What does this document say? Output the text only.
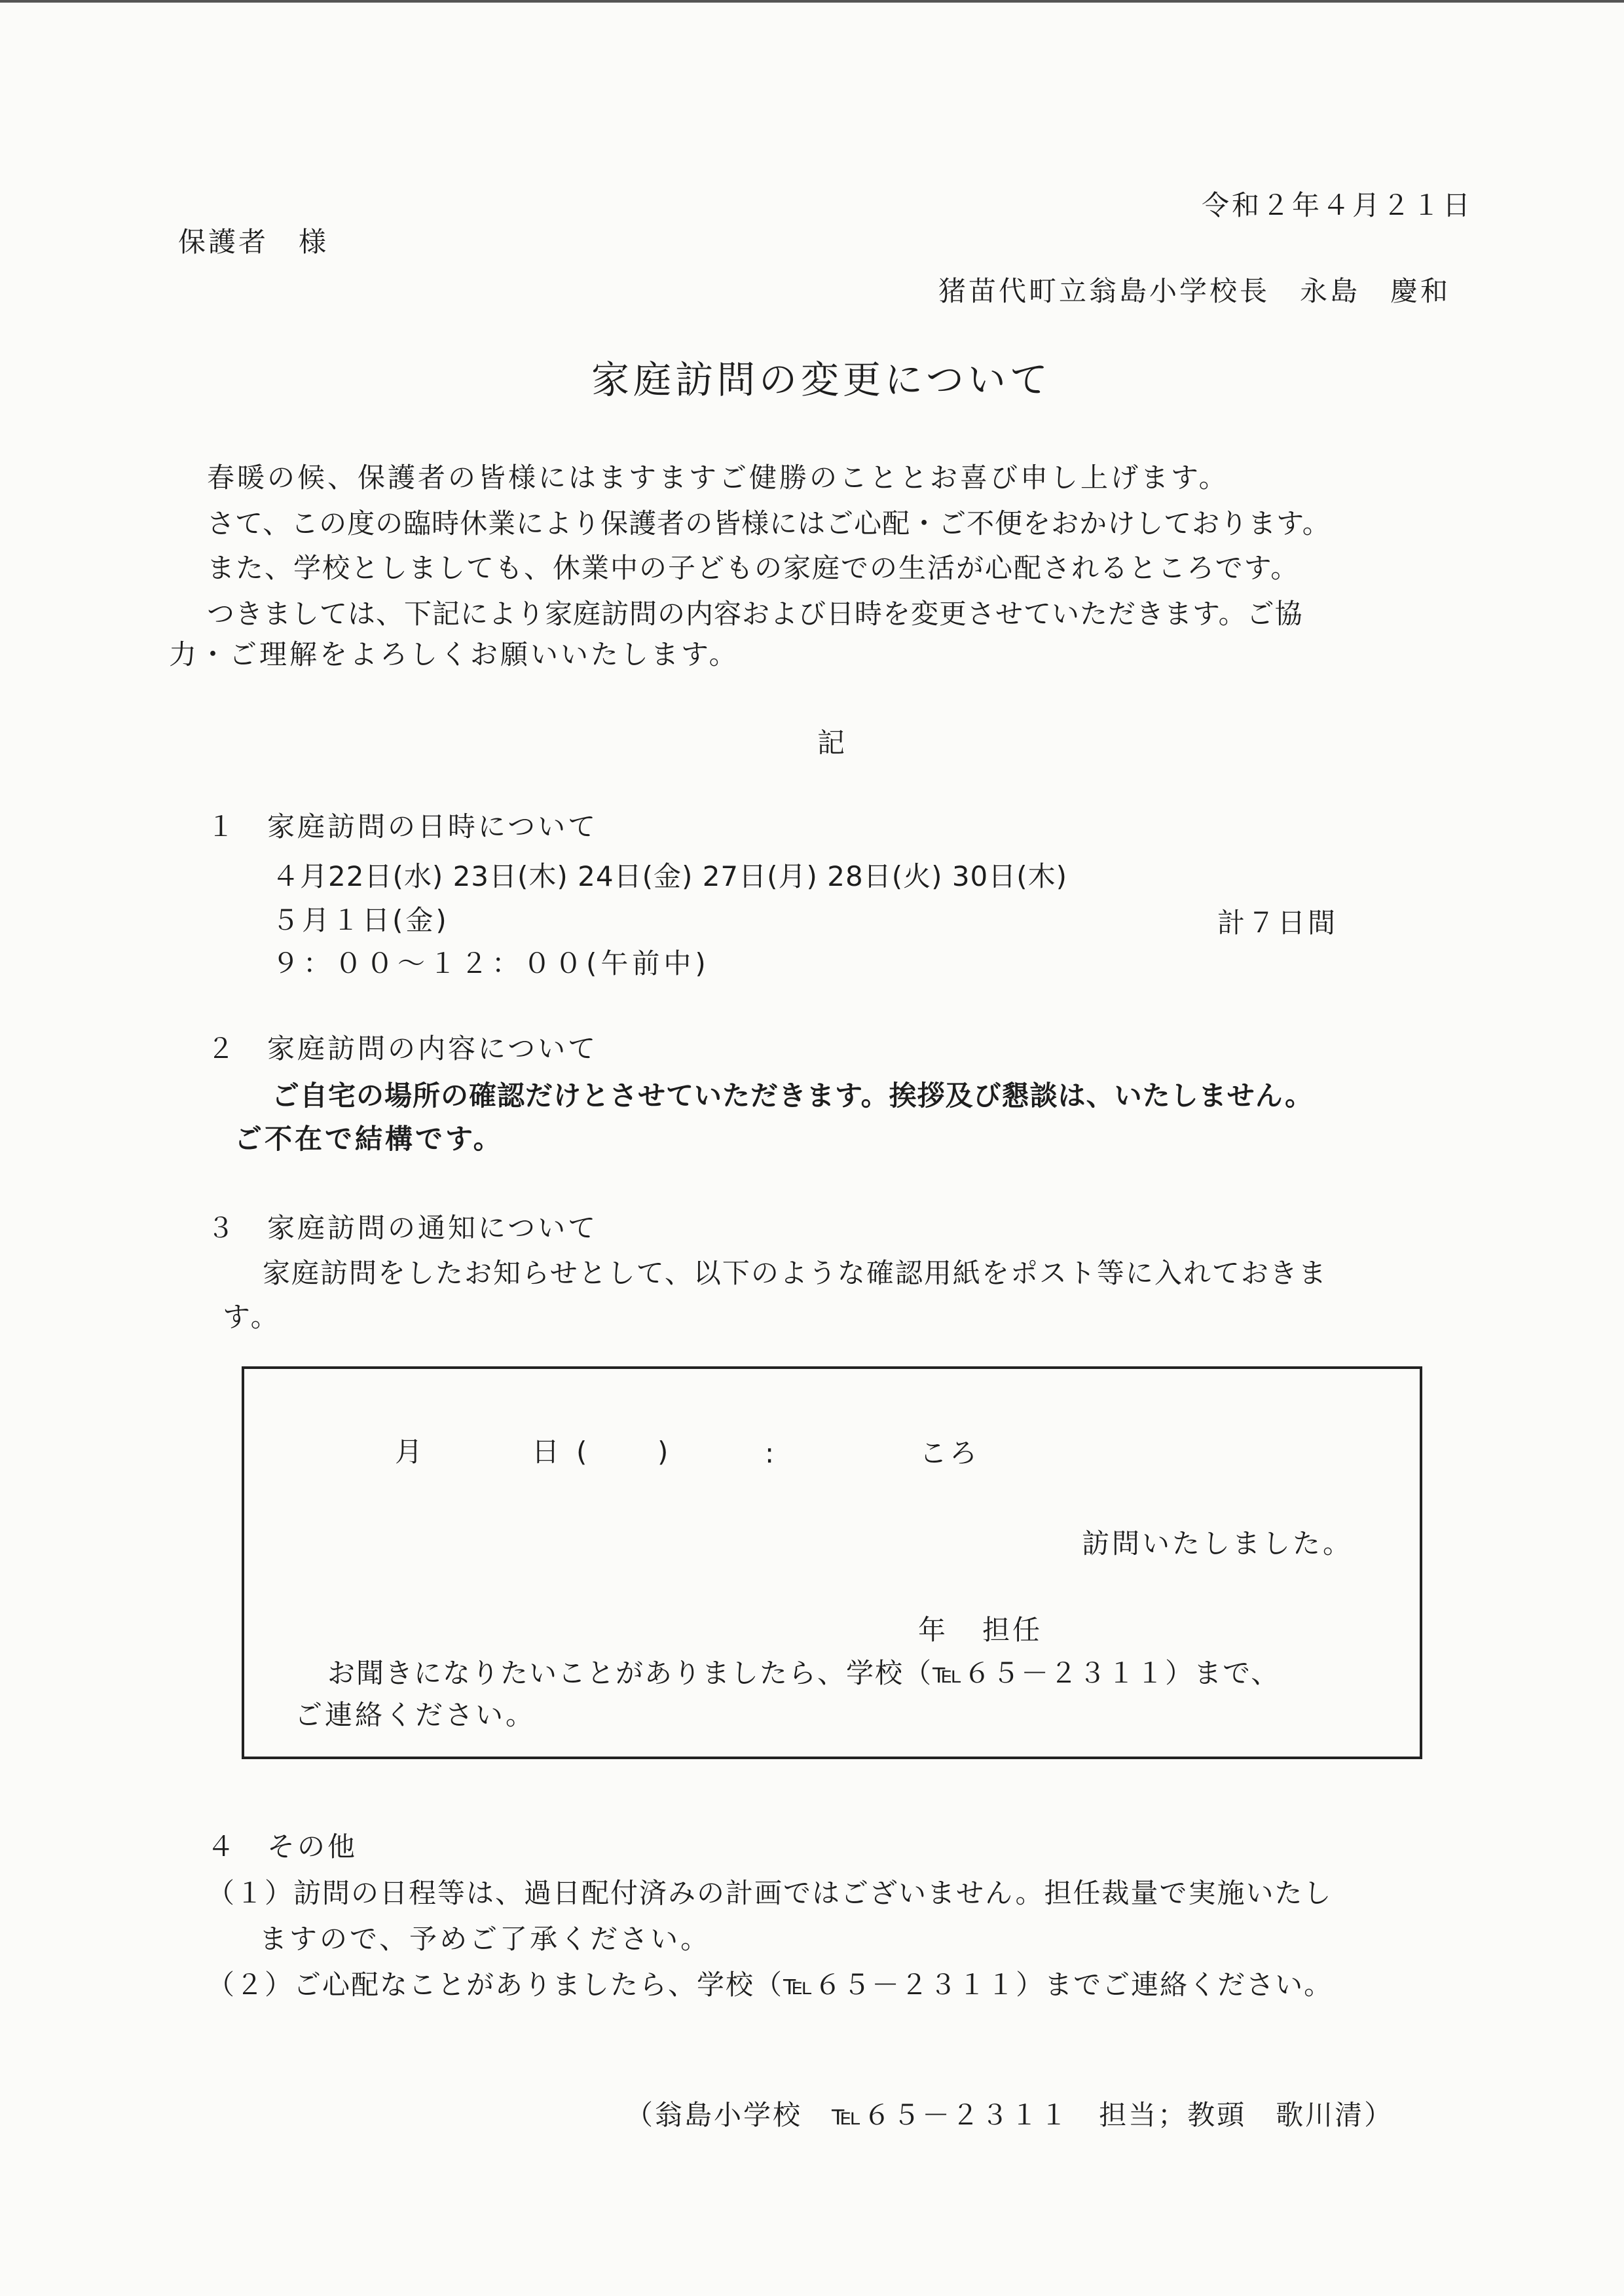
令和２年４月２１日
保護者　様
猪苗代町立翁島小学校長　永島　慶和
家庭訪問の変更について
春暖の候、保護者の皆様にはますますご健勝のこととお喜び申し上げます。
さて、この度の臨時休業により保護者の皆様にはご心配・ご不便をおかけしております。
また、学校としましても、休業中の子どもの家庭での生活が心配されるところです。
つきましては、下記により家庭訪問の内容および日時を変更させていただきます。ご協
力・ご理解をよろしくお願いいたします。
記
１　家庭訪問の日時について
４月22日(水) 23日(木) 24日(金) 27日(月) 28日(火) 30日(木)
５月１日(金)	計７日間
９：００～１２：００(午前中)
２　家庭訪問の内容について
ご自宅の場所の確認だけとさせていただきます。挨拶及び懇談は、いたしません。
ご不在で結構です。
３　家庭訪問の通知について
家庭訪問をしたお知らせとして、以下のような確認用紙をポスト等に入れておきま
す。
月	日 ( )	:	ころ
訪問いたしました。
年 担任
お聞きになりたいことがありましたら、学校（℡６５－２３１１）まで、
ご連絡ください。
４　その他
（１）訪問の日程等は、過日配付済みの計画ではございません。担任裁量で実施いたし
ますので、予めご了承ください。
（２）ご心配なことがありましたら、学校（℡６５－２３１１）までご連絡ください。
（翁島小学校　℡６５－２３１１　担当；教頭　歌川清）
